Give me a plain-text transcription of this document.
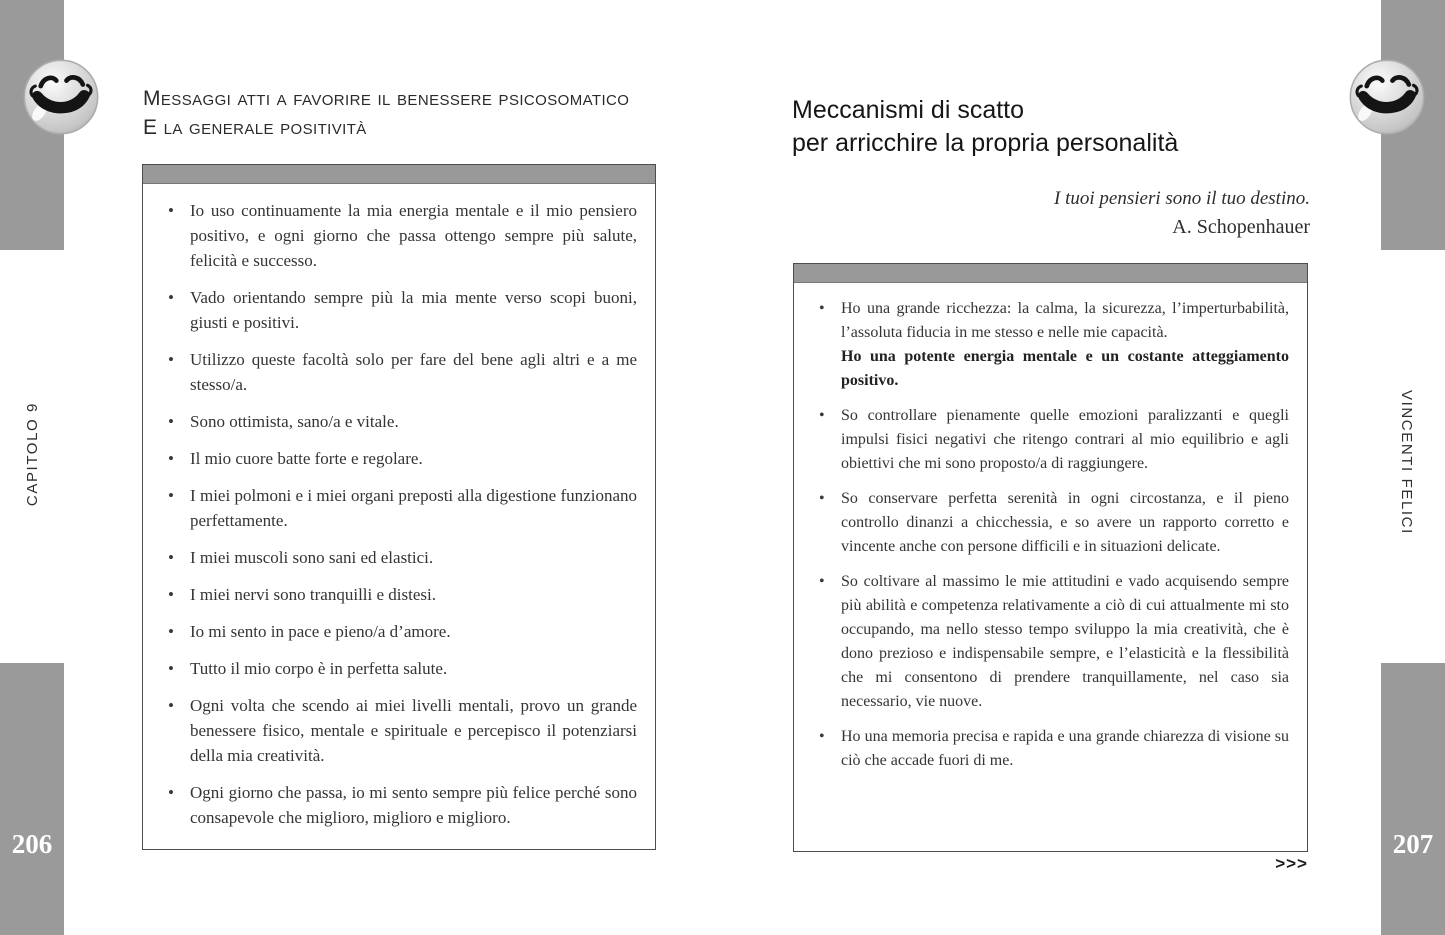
CAPITOLO 9	VINCENTI FELICI
206	207
Messaggi atti a favorire il benessere psicosomatico
E la generale positività
• Io uso continuamente la mia energia mentale e il mio pensiero positivo, e ogni giorno che passa ottengo sempre più salute, felicità e successo.
• Vado orientando sempre più la mia mente verso scopi buoni, giusti e positivi.
• Utilizzo queste facoltà solo per fare del bene agli altri e a me stesso/a.
• Sono ottimista, sano/a e vitale.
• Il mio cuore batte forte e regolare.
• I miei polmoni e i miei organi preposti alla digestione funzionano perfettamente.
• I miei muscoli sono sani ed elastici.
• I miei nervi sono tranquilli e distesi.
• Io mi sento in pace e pieno/a d’amore.
• Tutto il mio corpo è in perfetta salute.
• Ogni volta che scendo ai miei livelli mentali, provo un grande benessere fisico, mentale e spirituale e percepisco il potenziarsi della mia creatività.
• Ogni giorno che passa, io mi sento sempre più felice perché sono consapevole che miglioro, miglioro e miglioro.
Meccanismi di scatto
per arricchire la propria personalità
I tuoi pensieri sono il tuo destino.
A. Schopenhauer
• Ho una grande ricchezza: la calma, la sicurezza, l’imperturbabilità, l’assoluta fiducia in me stesso e nelle mie capacità.
Ho una potente energia mentale e un costante atteggiamento positivo.
• So controllare pienamente quelle emozioni paralizzanti e quegli impulsi fisici negativi che ritengo contrari al mio equilibrio e agli obiettivi che mi sono proposto/a di raggiungere.
• So conservare perfetta serenità in ogni circostanza, e il pieno controllo dinanzi a chicchessia, e so avere un rapporto corretto e vincente anche con persone difficili e in situazioni delicate.
• So coltivare al massimo le mie attitudini e vado acquisendo sempre più abilità e competenza relativamente a ciò di cui attualmente mi sto occupando, ma nello stesso tempo sviluppo la mia creatività, che è dono prezioso e indispensabile sempre, e l’elasticità e la flessibilità che mi consentono di prendere tranquillamente, nel caso sia necessario, vie nuove.
• Ho una memoria precisa e rapida e una grande chiarezza di visione su ciò che accade fuori di me.
>>>
